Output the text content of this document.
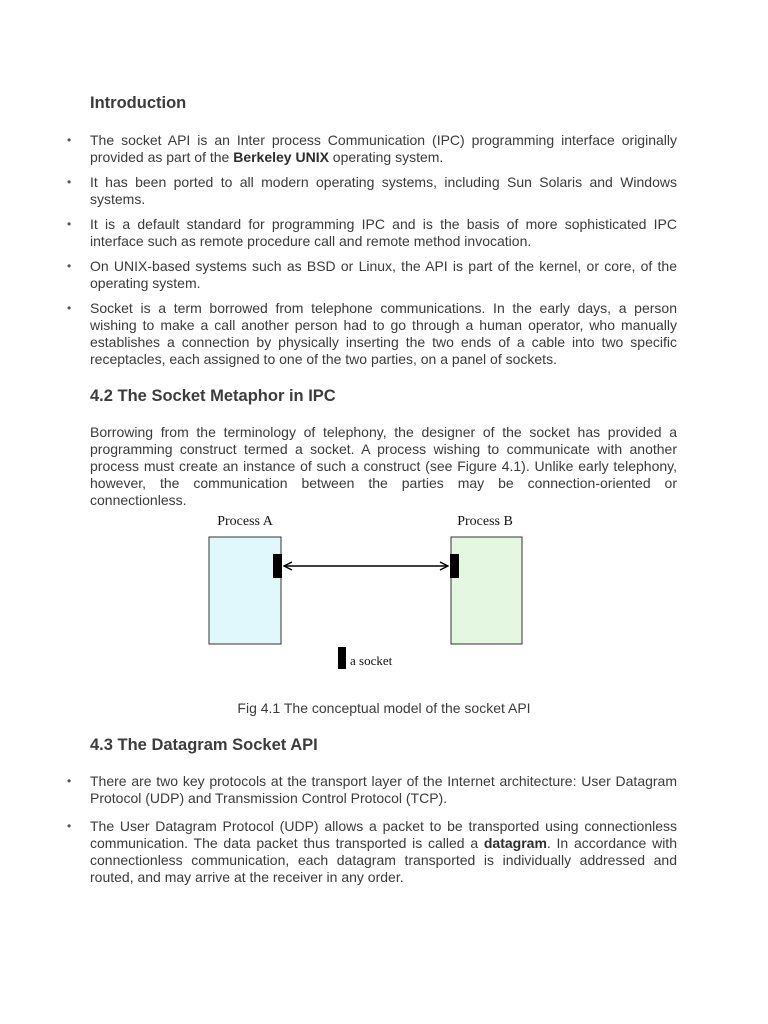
Introduction
• The socket API is an Inter process Communication (IPC) programming interface originally provided as part of the Berkeley UNIX operating system.
• It has been ported to all modern operating systems, including Sun Solaris and Windows systems.
• It is a default standard for programming IPC and is the basis of more sophisticated IPC interface such as remote procedure call and remote method invocation.
• On UNIX-based systems such as BSD or Linux, the API is part of the kernel, or core, of the operating system.
• Socket is a term borrowed from telephone communications. In the early days, a person wishing to make a call another person had to go through a human operator, who manually establishes a connection by physically inserting the two ends of a cable into two specific receptacles, each assigned to one of the two parties, on a panel of sockets.
4.2 The Socket Metaphor in IPC

Borrowing from the terminology of telephony, the designer of the socket has provided a programming construct termed a socket. A process wishing to communicate with another process must create an instance of such a construct (see Figure 4.1). Unlike early telephony, however, the communication between the parties may be connection-oriented or connectionless.

Process A	Process B
a socket
Fig 4.1 The conceptual model of the socket API
4.3 The Datagram Socket API
• There are two key protocols at the transport layer of the Internet architecture: User Datagram Protocol (UDP) and Transmission Control Protocol (TCP).
• The User Datagram Protocol (UDP) allows a packet to be transported using connectionless communication. The data packet thus transported is called a datagram. In accordance with connectionless communication, each datagram transported is individually addressed and routed, and may arrive at the receiver in any order.
